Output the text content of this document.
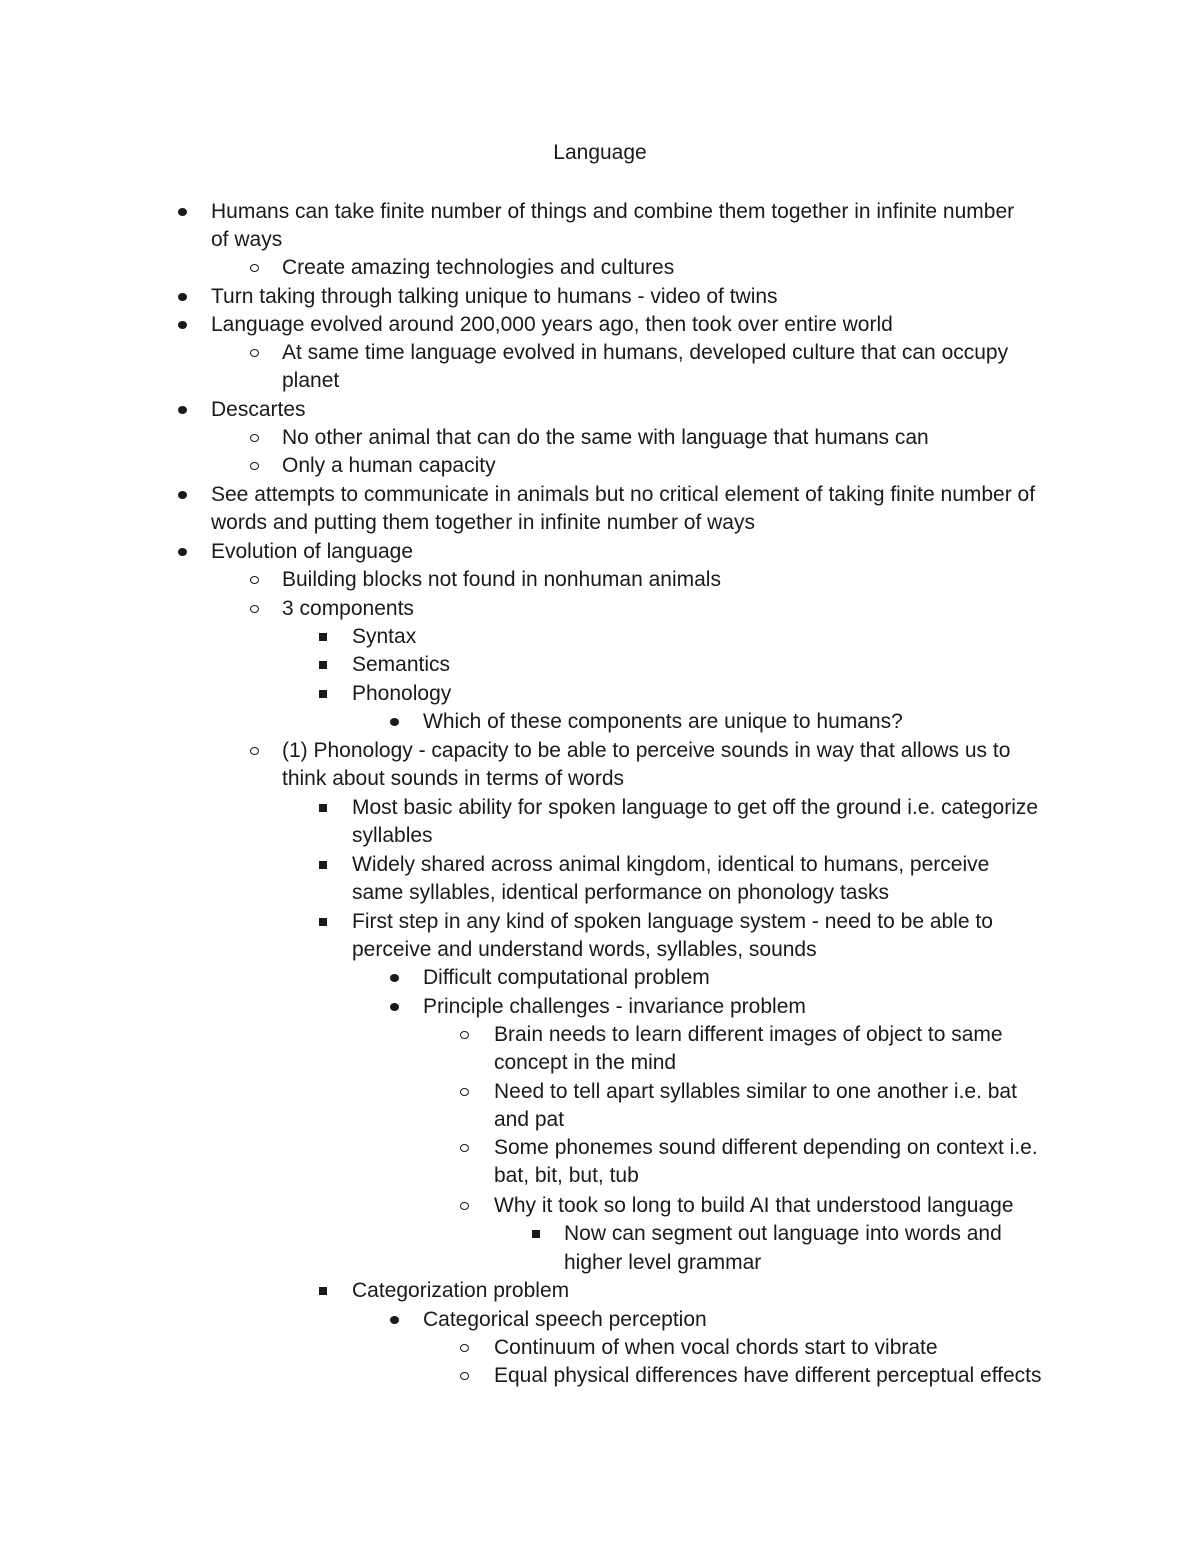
Language
Humans can take finite number of things and combine them together in infinite number
of ways
Create amazing technologies and cultures
Turn taking through talking unique to humans - video of twins
Language evolved around 200,000 years ago, then took over entire world
At same time language evolved in humans, developed culture that can occupy
planet
Descartes
No other animal that can do the same with language that humans can
Only a human capacity
See attempts to communicate in animals but no critical element of taking finite number of
words and putting them together in infinite number of ways
Evolution of language
Building blocks not found in nonhuman animals
3 components
Syntax
Semantics
Phonology
Which of these components are unique to humans?
(1) Phonology - capacity to be able to perceive sounds in way that allows us to
think about sounds in terms of words
Most basic ability for spoken language to get off the ground i.e. categorize
syllables
Widely shared across animal kingdom, identical to humans, perceive
same syllables, identical performance on phonology tasks
First step in any kind of spoken language system - need to be able to
perceive and understand words, syllables, sounds
Difficult computational problem
Principle challenges - invariance problem
Brain needs to learn different images of object to same
concept in the mind
Need to tell apart syllables similar to one another i.e. bat
and pat
Some phonemes sound different depending on context i.e.
bat, bit, but, tub
Why it took so long to build AI that understood language
Now can segment out language into words and
higher level grammar
Categorization problem
Categorical speech perception
Continuum of when vocal chords start to vibrate
Equal physical differences have different perceptual effects
